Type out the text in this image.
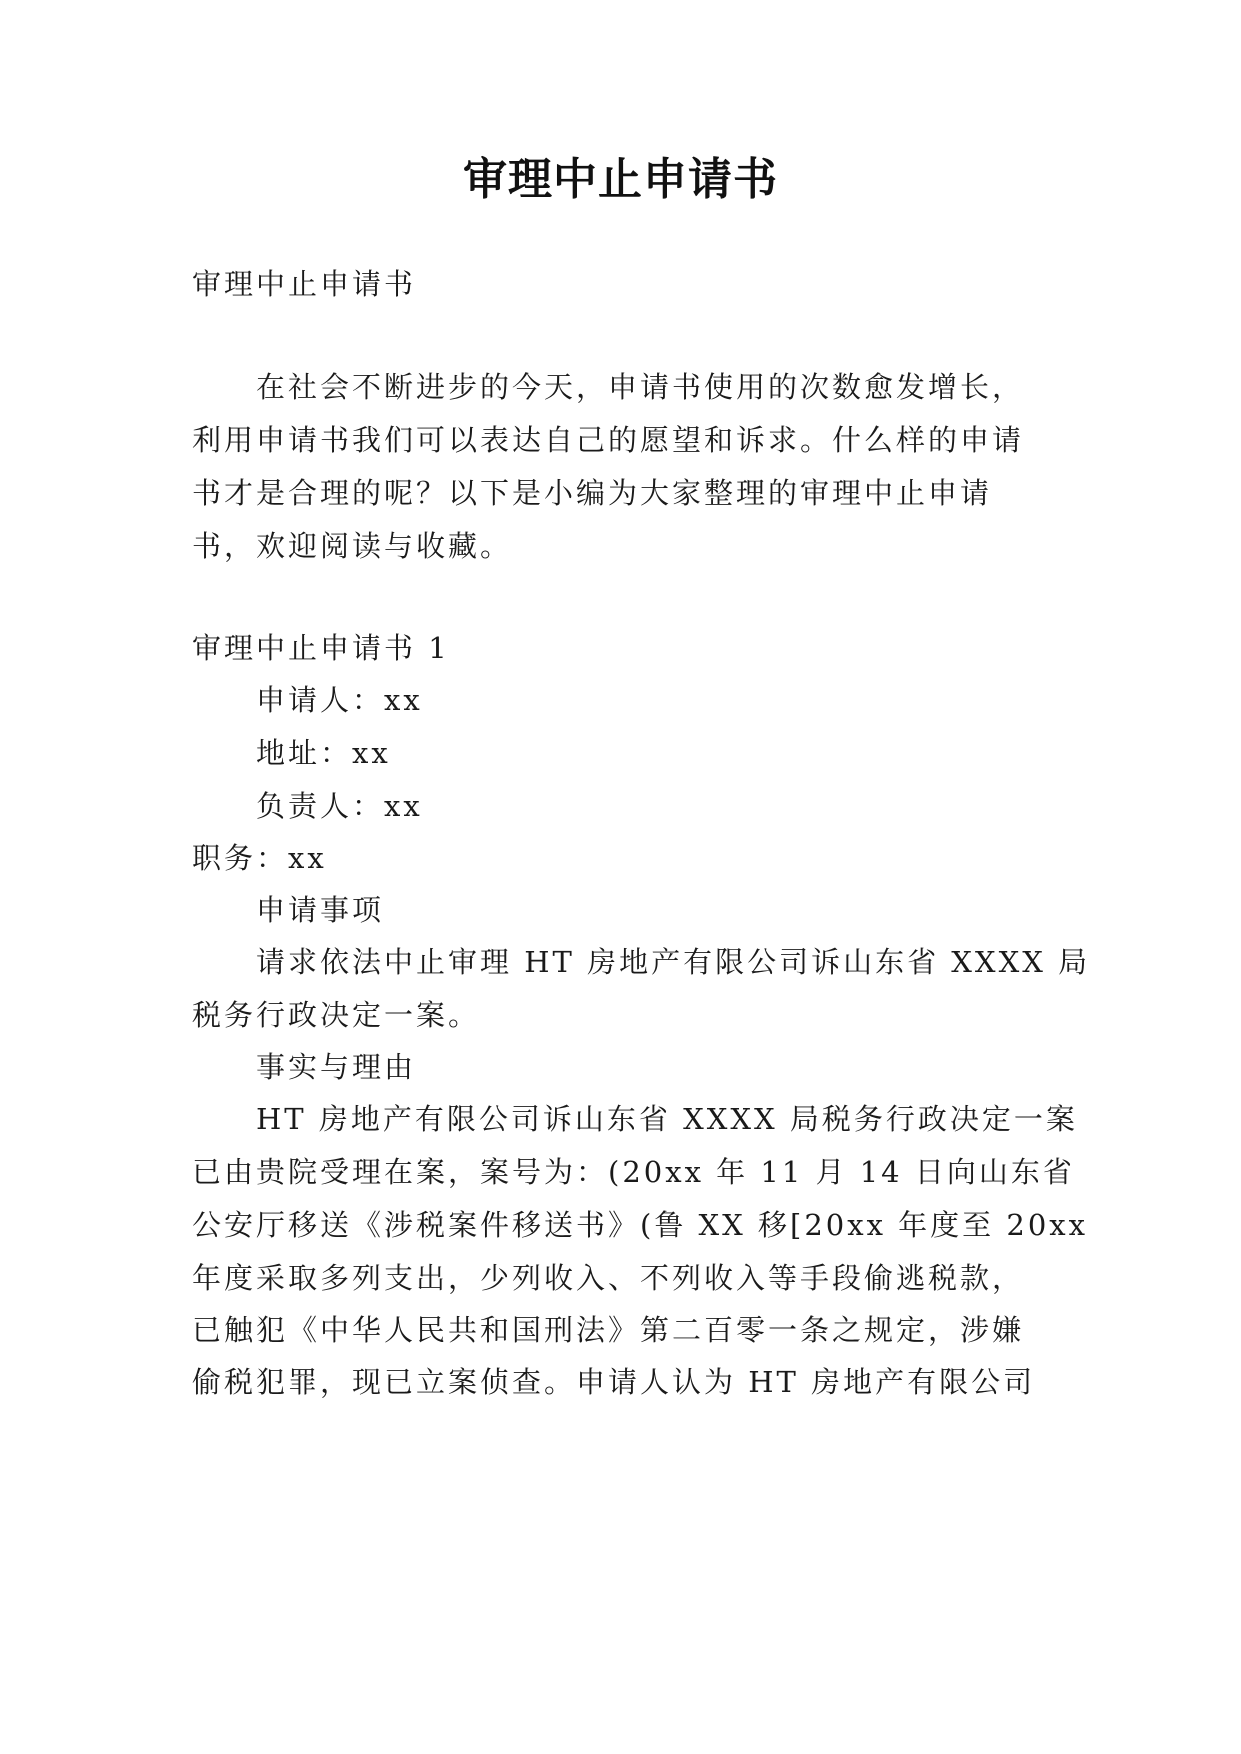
审理中止申请书
审理中止申请书
在社会不断进步的今天，申请书使用的次数愈发增长，
利用申请书我们可以表达自己的愿望和诉求。什么样的申请
书才是合理的呢？以下是小编为大家整理的审理中止申请
书，欢迎阅读与收藏。
审理中止申请书 1
申请人：xx
地址：xx
负责人：xx
职务：xx
申请事项
请求依法中止审理 HT 房地产有限公司诉山东省 XXXX 局
税务行政决定一案。
事实与理由
HT 房地产有限公司诉山东省 XXXX 局税务行政决定一案
已由贵院受理在案，案号为：(20xx 年 11 月 14 日向山东省
公安厅移送《涉税案件移送书》(鲁 XX 移[20xx 年度至 20xx
年度采取多列支出，少列收入、不列收入等手段偷逃税款，
已触犯《中华人民共和国刑法》第二百零一条之规定，涉嫌
偷税犯罪，现已立案侦查。申请人认为 HT 房地产有限公司
